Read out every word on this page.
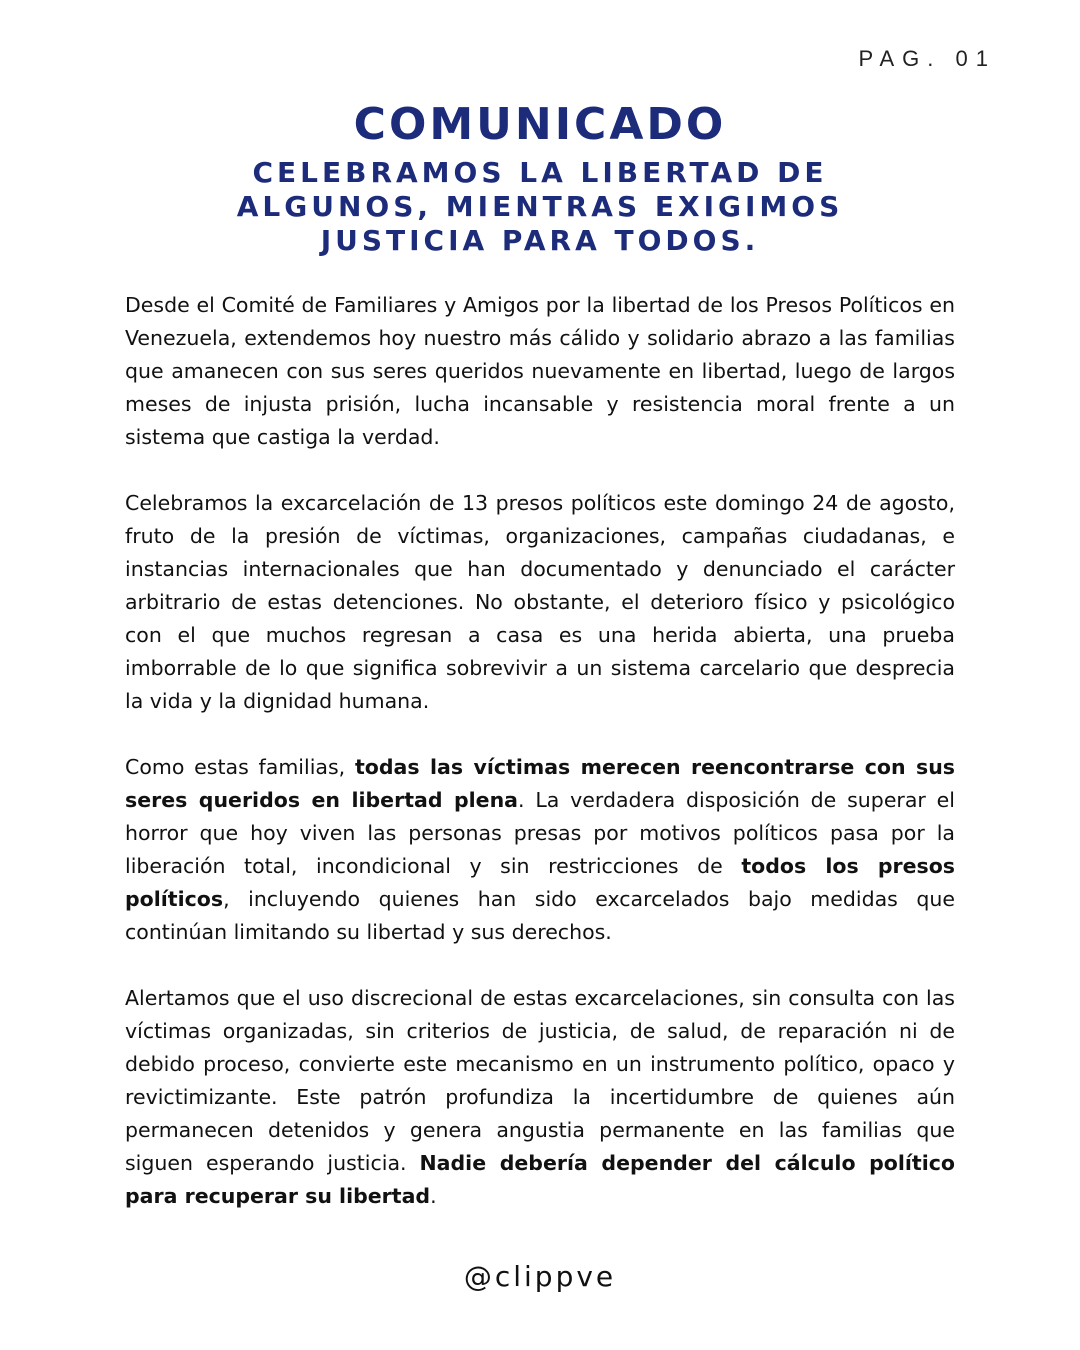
PAG. 01
COMUNICADO
CELEBRAMOS LA LIBERTAD DE
ALGUNOS, MIENTRAS EXIGIMOS
JUSTICIA PARA TODOS.

Desde el Comité de Familiares y Amigos por la libertad de los Presos Políticos en Venezuela, extendemos hoy nuestro más cálido y solidario abrazo a las familias que amanecen con sus seres queridos nuevamente en libertad, luego de largos meses de injusta prisión, lucha incansable y resistencia moral frente a un sistema que castiga la verdad.

Celebramos la excarcelación de 13 presos políticos este domingo 24 de agosto, fruto de la presión de víctimas, organizaciones, campañas ciudadanas, e instancias internacionales que han documentado y denunciado el carácter arbitrario de estas detenciones. No obstante, el deterioro físico y psicológico con el que muchos regresan a casa es una herida abierta, una prueba imborrable de lo que significa sobrevivir a un sistema carcelario que desprecia la vida y la dignidad humana.

Como estas familias, todas las víctimas merecen reencontrarse con sus seres queridos en libertad plena. La verdadera disposición de superar el horror que hoy viven las personas presas por motivos políticos pasa por la liberación total, incondicional y sin restricciones de todos los presos políticos, incluyendo quienes han sido excarcelados bajo medidas que continúan limitando su libertad y sus derechos.

Alertamos que el uso discrecional de estas excarcelaciones, sin consulta con las víctimas organizadas, sin criterios de justicia, de salud, de reparación ni de debido proceso, convierte este mecanismo en un instrumento político, opaco y revictimizante. Este patrón profundiza la incertidumbre de quienes aún permanecen detenidos y genera angustia permanente en las familias que siguen esperando justicia. Nadie debería depender del cálculo político para recuperar su libertad.

@clippve
